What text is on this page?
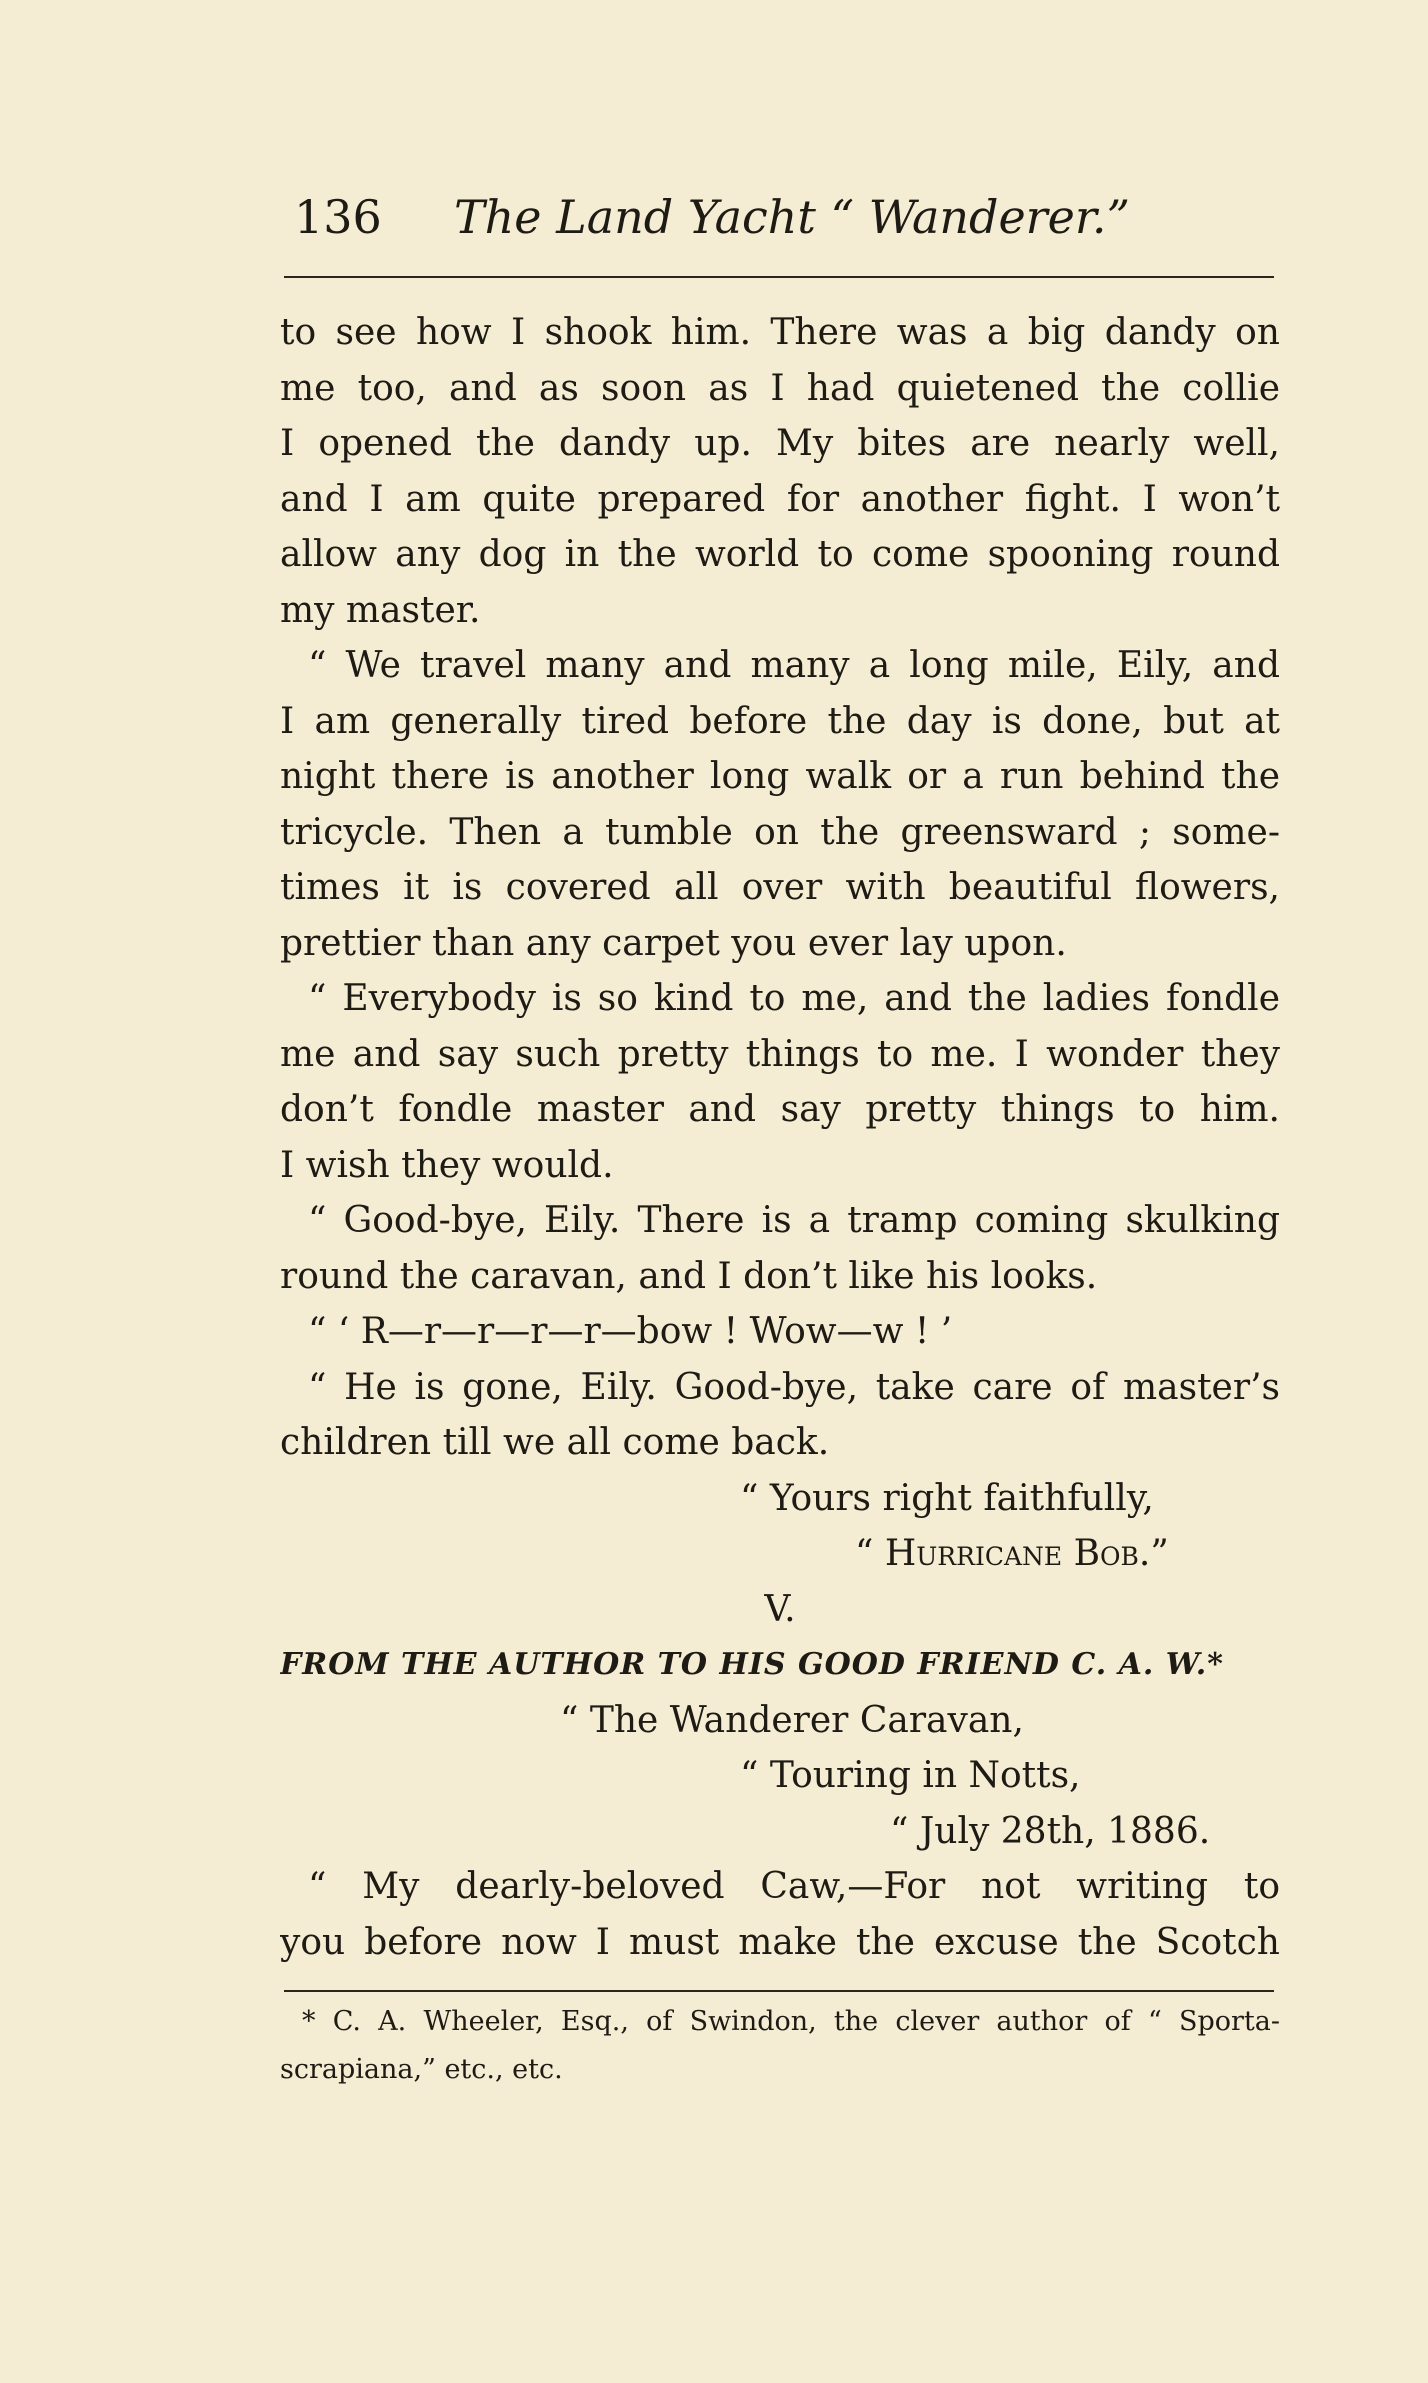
136 The Land Yacht “ Wanderer.”
to see how I shook him. There was a big dandy on
me too, and as soon as I had quietened the collie
I opened the dandy up. My bites are nearly well,
and I am quite prepared for another fight. I won’t
allow any dog in the world to come spooning round
my master.
“ We travel many and many a long mile, Eily, and
I am generally tired before the day is done, but at
night there is another long walk or a run behind the
tricycle. Then a tumble on the greensward ; some-
times it is covered all over with beautiful flowers,
prettier than any carpet you ever lay upon.
“ Everybody is so kind to me, and the ladies fondle
me and say such pretty things to me. I wonder they
don’t fondle master and say pretty things to him.
I wish they would.
“ Good-bye, Eily. There is a tramp coming skulking
round the caravan, and I don’t like his looks.
“ ‘ R—r—r—r—r—bow ! Wow—w ! ’
“ He is gone, Eily. Good-bye, take care of master’s
children till we all come back.
“ Yours right faithfully,
“ Hurricane Bob.”
V.
FROM THE AUTHOR TO HIS GOOD FRIEND C. A. W.*
“ The Wanderer Caravan,
“ Touring in Notts,
“ July 28th, 1886.
“ My dearly-beloved Caw,—For not writing to
you before now I must make the excuse the Scotch
* C. A. Wheeler, Esq., of Swindon, the clever author of “ Sporta-
scrapiana,” etc., etc.
